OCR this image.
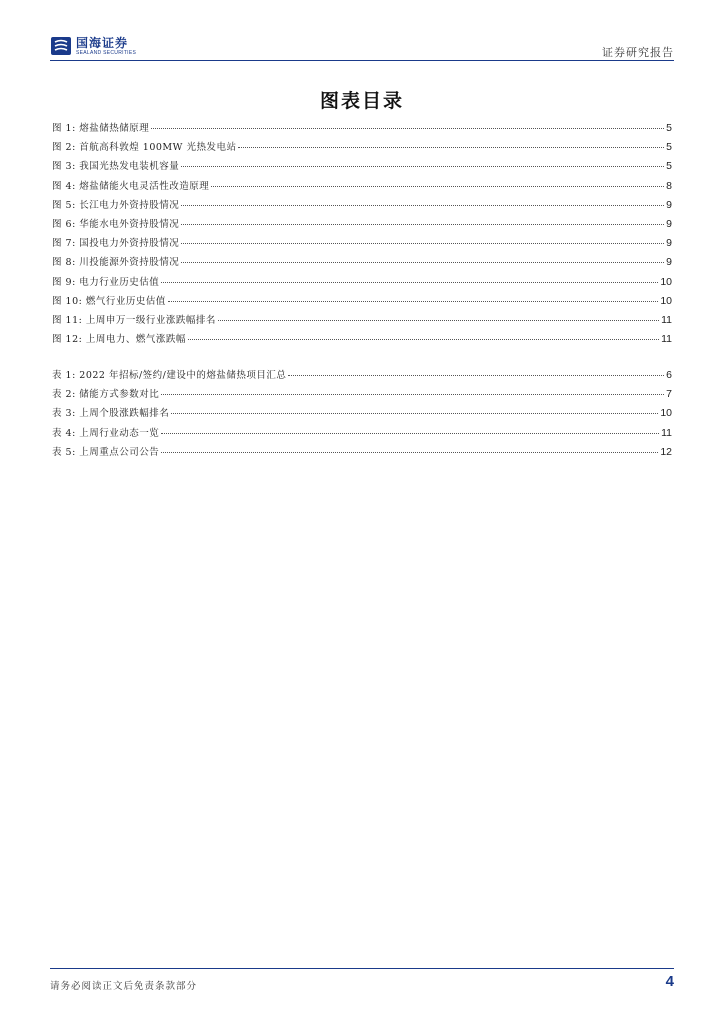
国海证券
SEALAND SECURITIES	证券研究报告
图表目录
图 1: 熔盐储热储原理	5
图 2: 首航高科敦煌 100MW 光热发电站	5
图 3: 我国光热发电装机容量	5
图 4: 熔盐储能火电灵活性改造原理	8
图 5: 长江电力外资持股情况	9
图 6: 华能水电外资持股情况	9
图 7: 国投电力外资持股情况	9
图 8: 川投能源外资持股情况	9
图 9: 电力行业历史估值	10
图 10: 燃气行业历史估值	10
图 11: 上周申万一级行业涨跌幅排名	11
图 12: 上周电力、燃气涨跌幅	11
表 1: 2022 年招标/签约/建设中的熔盐储热项目汇总	6
表 2: 储能方式参数对比	7
表 3: 上周个股涨跌幅排名	10
表 4: 上周行业动态一览	11
表 5: 上周重点公司公告	12
请务必阅读正文后免责条款部分	4
